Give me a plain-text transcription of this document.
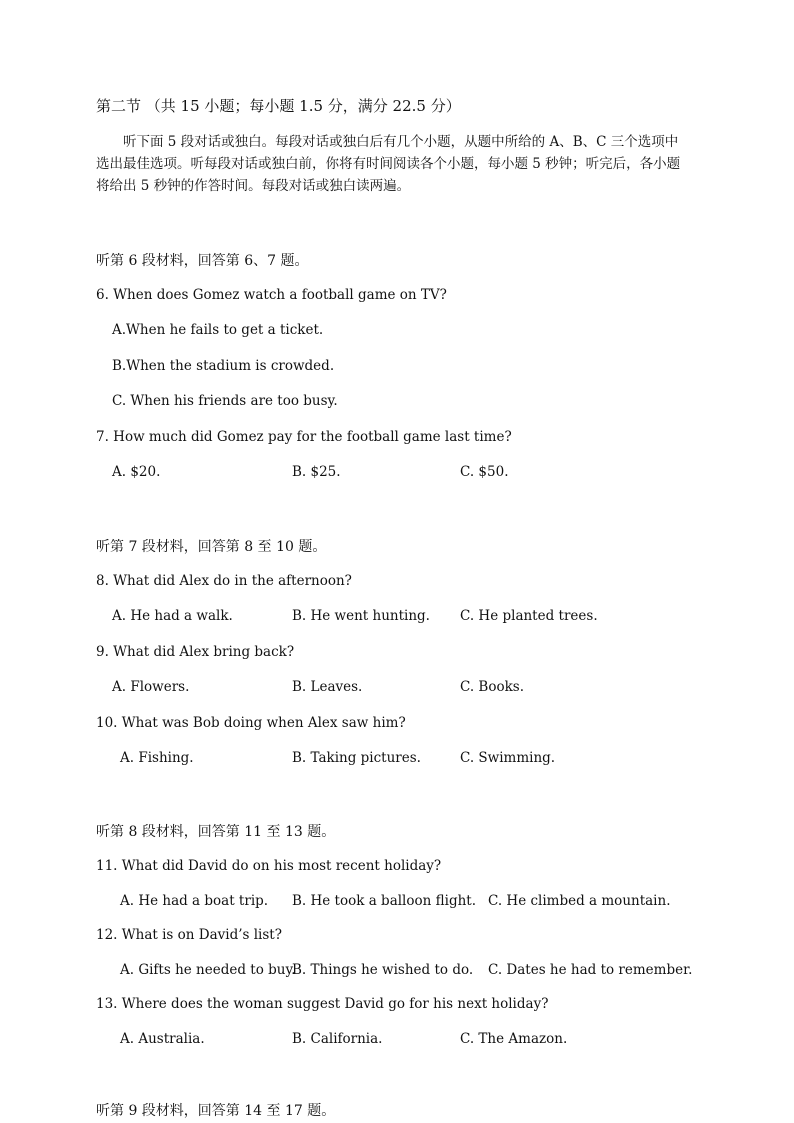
第二节 （共 15 小题；每小题 1.5 分，满分 22.5 分）
听下面 5 段对话或独白。每段对话或独白后有几个小题，从题中所给的 A、B、C 三个选项中
选出最佳选项。听每段对话或独白前，你将有时间阅读各个小题，每小题 5 秒钟；听完后，各小题
将给出 5 秒钟的作答时间。每段对话或独白读两遍。
听第 6 段材料，回答第 6、7 题。
6. When does Gomez watch a football game on TV?
A.When he fails to get a ticket.
B.When the stadium is crowded.
C. When his friends are too busy.
7. How much did Gomez pay for the football game last time?
A. $20.	B. $25.	C. $50.
听第 7 段材料，回答第 8 至 10 题。
8. What did Alex do in the afternoon?
A. He had a walk.	B. He went hunting. C. He planted trees.
9. What did Alex bring back?
A. Flowers.	B. Leaves.	C. Books.
10. What was Bob doing when Alex saw him?
A. Fishing.	B. Taking pictures.	C. Swimming.
听第 8 段材料，回答第 11 至 13 题。
11. What did David do on his most recent holiday?
A. He had a boat trip. B. He took a balloon flight. C. He climbed a mountain.
12. What is on David’s list?
A. Gifts he needed to buy.
B. Things he wished to do. C. Dates he had to remember.
13. Where does the woman suggest David go for his next holiday?
A. Australia.	B. California.	C. The Amazon.
听第 9 段材料，回答第 14 至 17 题。
